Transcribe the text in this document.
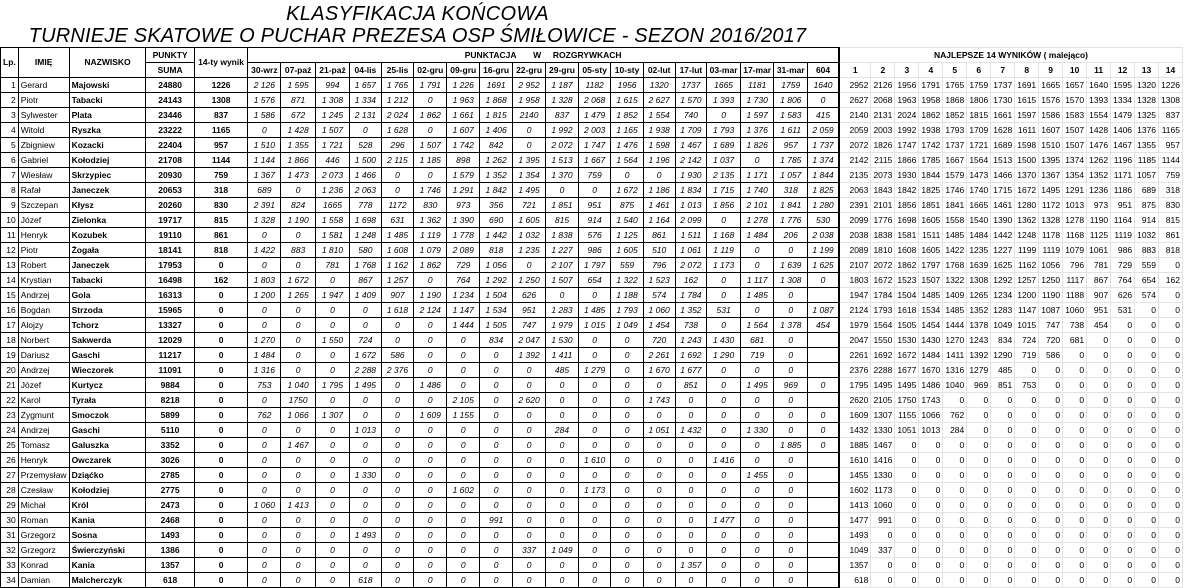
KLASYFIKACJA KOŃCOWA
TURNIEJE SKATOWE O PUCHAR PREZESA OSP ŚMIŁOWICE - SEZON 2016/2017
Lp.	IMIĘ	NAZWISKO	PUNKTY	14-ty wynik	PUNKTACJA W ROZGRYWKACH																		NAJLEPSZE 14 WYNIKÓW ( malejąco)													
			SUMA		30-wrz	07-paź	21-paź	04-lis	25-lis	02-gru	09-gru	16-gru	22-gru	29-gru	05-sty	10-sty	02-lut	17-lut	03-mar	17-mar	31-mar	604	1	2	3	4	5	6	7	8	9	10	11	12	13	14
1	Gerard	Majowski	24880	1226	2 126	1 595	994	1 657	1 765	1 791	1 226	1691	2 952	1 187	1182	1956	1320	1737	1665	1181	1759	1640	2952	2126	1956	1791	1765	1759	1737	1691	1665	1657	1640	1595	1320	1226
2	Piotr	Tabacki	24143	1308	1 576	871	1 308	1 334	1 212	0	1 963	1 868	1 958	1 328	2 068	1 615	2 627	1 570	1 393	1 730	1 806	0	2627	2068	1963	1958	1868	1806	1730	1615	1576	1570	1393	1334	1328	1308
3	Sylwester	Plata	23446	837	1 586	672	1 245	2 131	2 024	1 862	1 661	1 815	2140	837	1 479	1 852	1 554	740	0	1 597	1 583	415	2140	2131	2024	1862	1852	1815	1661	1597	1586	1583	1554	1479	1325	837
4	Witold	Ryszka	23222	1165	0	1 428	1 507	0	1 628	0	1 607	1 406	0	1 992	2 003	1 165	1 938	1 709	1 793	1 376	1 611	2 059	2059	2003	1992	1938	1793	1709	1628	1611	1607	1507	1428	1406	1376	1165
5	Zbigniew	Kozacki	22404	957	1 510	1 355	1 721	528	296	1 507	1 742	842	0	2 072	1 747	1 476	1 598	1 467	1 689	1 826	957	1 737	2072	1826	1747	1742	1737	1721	1689	1598	1510	1507	1476	1467	1355	957
6	Gabriel	Kołodziej	21708	1144	1 144	1 866	446	1 500	2 115	1 185	898	1 262	1 395	1 513	1 667	1 564	1 196	2 142	1 037	0	1 785	1 374	2142	2115	1866	1785	1667	1564	1513	1500	1395	1374	1262	1196	1185	1144
7	Wiesław	Skrzypiec	20930	759	1 367	1 473	2 073	1 466	0	0	1 579	1 352	1 354	1 370	759	0	0	1 930	2 135	1 171	1 057	1 844	2135	2073	1930	1844	1579	1473	1466	1370	1367	1354	1352	1171	1057	759
8	Rafał	Janeczek	20653	318	689	0	1 236	2 063	0	1 746	1 291	1 842	1 495	0	0	1 672	1 186	1 834	1 715	1 740	318	1 825	2063	1843	1842	1825	1746	1740	1715	1672	1495	1291	1236	1186	689	318
9	Szczepan	Kłysz	20260	830	2 391	824	1665	778	1172	830	973	356	721	1 851	951	875	1 461	1 013	1 856	2 101	1 841	1 280	2391	2101	1856	1851	1841	1665	1461	1280	1172	1013	973	951	875	830
10	Józef	Zielonka	19717	815	1 328	1 190	1 558	1 698	631	1 362	1 390	690	1 605	815	914	1 540	1 164	2 099	0	1 278	1 776	530	2099	1776	1698	1605	1558	1540	1390	1362	1328	1278	1190	1164	914	815
11	Henryk	Kozubek	19110	861	0	0	1 581	1 248	1 485	1 119	1 778	1 442	1 032	1 838	576	1 125	861	1 511	1 168	1 484	206	2 038	2038	1838	1581	1511	1485	1484	1442	1248	1178	1168	1125	1119	1032	861
12	Piotr	Żogała	18141	818	1 422	883	1 810	580	1 608	1 079	2 089	818	1 235	1 227	986	1 605	510	1 061	1 119	0	0	1 199	2089	1810	1608	1605	1422	1235	1227	1199	1119	1079	1061	986	883	818
13	Robert	Janeczek	17953	0	0	0	781	1 768	1 162	1 862	729	1 056	0	2 107	1 797	559	796	2 072	1 173	0	1 639	1 625	2107	2072	1862	1797	1768	1639	1625	1162	1056	796	781	729	559	0
14	Krystian	Tabacki	16498	162	1 803	1 672	0	867	1 257	0	764	1 292	1 250	1 507	654	1 322	1 523	162	0	1 117	1 308	0	1803	1672	1523	1507	1322	1308	1292	1257	1250	1117	867	764	654	162
15	Andrzej	Gola	16313	0	1 200	1 265	1 947	1 409	907	1 190	1 234	1 504	626	0	0	1 188	574	1 784	0	1 485	0		1947	1784	1504	1485	1409	1265	1234	1200	1190	1188	907	626	574	0
16	Bogdan	Strzoda	15965	0	0	0	0	0	1 618	2 124	1 147	1 534	951	1 283	1 485	1 793	1 060	1 352	531	0	0	1 087	2124	1793	1618	1534	1485	1352	1283	1147	1087	1060	951	531	0	0
17	Alojzy	Tchorz	13327	0	0	0	0	0	0	0	1 444	1 505	747	1 979	1 015	1 049	1 454	738	0	1 564	1 378	454	1979	1564	1505	1454	1444	1378	1049	1015	747	738	454	0	0	0
18	Norbert	Sakwerda	12029	0	1 270	0	1 550	724	0	0	0	834	2 047	1 530	0	0	720	1 243	1 430	681	0		2047	1550	1530	1430	1270	1243	834	724	720	681	0	0	0	0
19	Dariusz	Gaschi	11217	0	1 484	0	0	1 672	586	0	0	0	1 392	1 411	0	0	2 261	1 692	1 290	719	0		2261	1692	1672	1484	1411	1392	1290	719	586	0	0	0	0	0
20	Andrzej	Wieczorek	11091	0	1 316	0	0	2 288	2 376	0	0	0	0	485	1 279	0	1 670	1 677	0	0	0		2376	2288	1677	1670	1316	1279	485	0	0	0	0	0	0	0
21	Józef	Kurtycz	9884	0	753	1 040	1 795	1 495	0	1 486	0	0	0	0	0	0	0	851	0	1 495	969	0	1795	1495	1495	1486	1040	969	851	753	0	0	0	0	0	0
22	Karol	Tyrała	8218	0	0	1750	0	0	0	0	2 105	0	2 620	0	0	0	1 743	0	0	0	0		2620	2105	1750	1743	0	0	0	0	0	0	0	0	0	0
23	Zygmunt	Smoczok	5899	0	762	1 066	1 307	0	0	1 609	1 155	0	0	0	0	0	0	0	0	0	0	0	1609	1307	1155	1066	762	0	0	0	0	0	0	0	0	0
24	Andrzej	Gaschi	5110	0	0	0	0	1 013	0	0	0	0	0	284	0	0	1 051	1 432	0	1 330	0	0	1432	1330	1051	1013	284	0	0	0	0	0	0	0	0	0
25	Tomasz	Galuszka	3352	0	0	1 467	0	0	0	0	0	0	0	0	0	0	0	0	0	0	1 885	0	1885	1467	0	0	0	0	0	0	0	0	0	0	0	0
26	Henryk	Owczarek	3026	0	0	0	0	0	0	0	0	0	0	0	1 610	0	0	0	1 416	0	0		1610	1416	0	0	0	0	0	0	0	0	0	0	0	0
27	Przemysław	Dziąćko	2785	0	0	0	0	1 330	0	0	0	0	0	0	0	0	0	0	0	1 455	0		1455	1330	0	0	0	0	0	0	0	0	0	0	0	0
28	Czesław	Kołodziej	2775	0	0	0	0	0	0	0	1 602	0	0	0	1 173	0	0	0	0	0	0		1602	1173	0	0	0	0	0	0	0	0	0	0	0	0
29	Michał	Król	2473	0	1 060	1 413	0	0	0	0	0	0	0	0	0	0	0	0	0	0	0		1413	1060	0	0	0	0	0	0	0	0	0	0	0	0
30	Roman	Kania	2468	0	0	0	0	0	0	0	0	991	0	0	0	0	0	0	1 477	0	0		1477	991	0	0	0	0	0	0	0	0	0	0	0	0
31	Grzegorz	Sosna	1493	0	0	0	0	1 493	0	0	0	0	0	0	0	0	0	0	0	0	0		1493	0	0	0	0	0	0	0	0	0	0	0	0	0
32	Grzegorz	Świerczyński	1386	0	0	0	0	0	0	0	0	0	337	1 049	0	0	0	0	0	0	0		1049	337	0	0	0	0	0	0	0	0	0	0	0	0
33	Konrad	Kania	1357	0	0	0	0	0	0	0	0	0	0	0	0	0	0	1 357	0	0	0		1357	0	0	0	0	0	0	0	0	0	0	0	0	0
34	Damian	Malcherczyk	618	0	0	0	0	618	0	0	0	0	0	0	0	0	0	0	0	0	0		618	0	0	0	0	0	0	0	0	0	0	0	0	0
